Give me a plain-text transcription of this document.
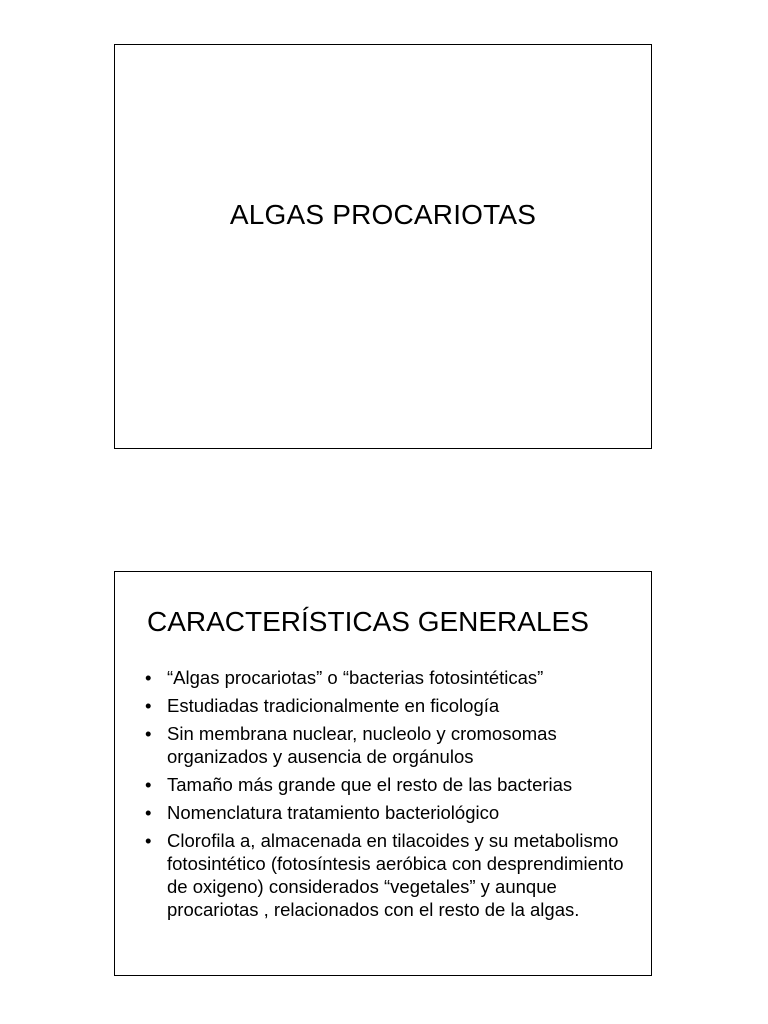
ALGAS PROCARIOTAS
CARACTERÍSTICAS GENERALES
• “Algas procariotas” o “bacterias fotosintéticas”
• Estudiadas tradicionalmente en ficología
• Sin membrana nuclear, nucleolo y cromosomas organizados y ausencia de orgánulos
• Tamaño más grande que el resto de las bacterias
• Nomenclatura tratamiento bacteriológico
• Clorofila a, almacenada en tilacoides y su metabolismo fotosintético (fotosíntesis aeróbica con desprendimiento de oxigeno) considerados “vegetales” y aunque procariotas , relacionados con el resto de la algas.
